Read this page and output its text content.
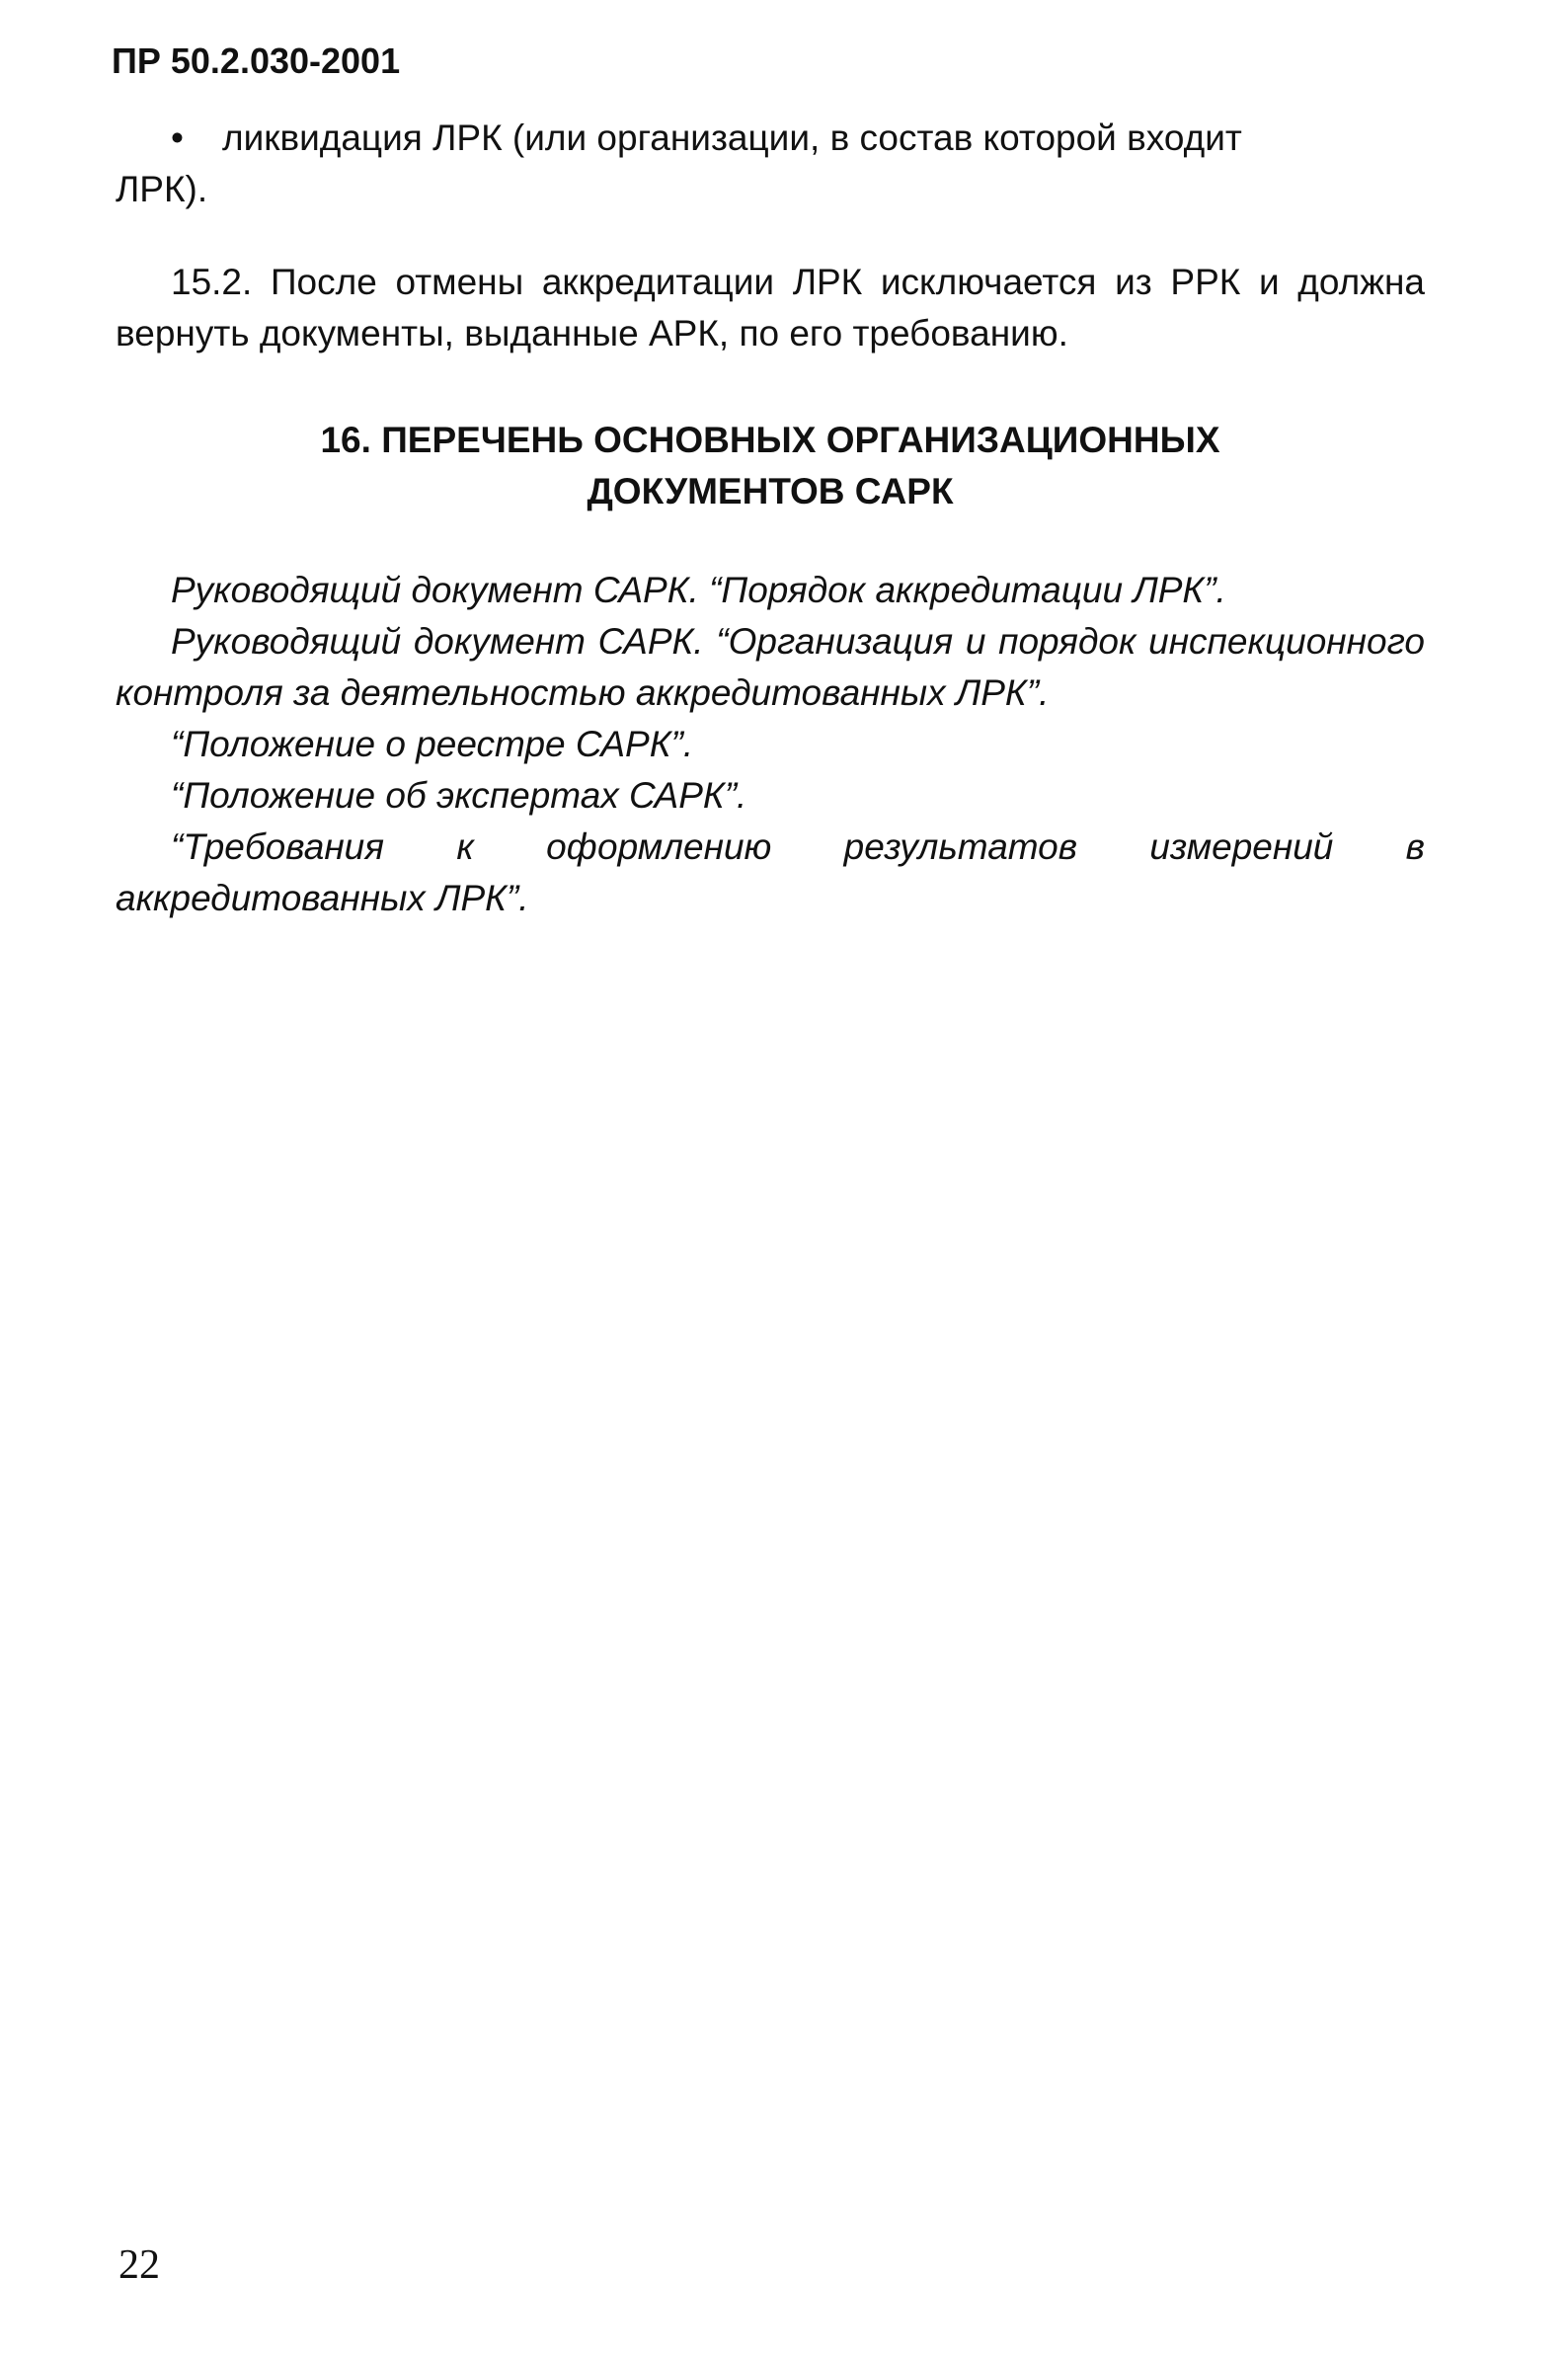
ПР 50.2.030-2001
• ликвидация ЛРК (или организации, в состав которой входит
ЛРК).
15.2. После отмены аккредитации ЛРК исключается из РРК и должна вернуть документы, выданные АРК, по его требованию.
16. ПЕРЕЧЕНЬ ОСНОВНЫХ ОРГАНИЗАЦИОННЫХ
ДОКУМЕНТОВ САРК
Руководящий документ САРК. “Порядок аккредитации ЛРК”.
Руководящий документ САРК. “Организация и порядок инспекционного контроля за деятельностью аккредитованных ЛРК”.
“Положение о реестре САРК”.
“Положение об экспертах САРК”.
“Требования к оформлению результатов измерений в аккредитованных ЛРК”.
22
